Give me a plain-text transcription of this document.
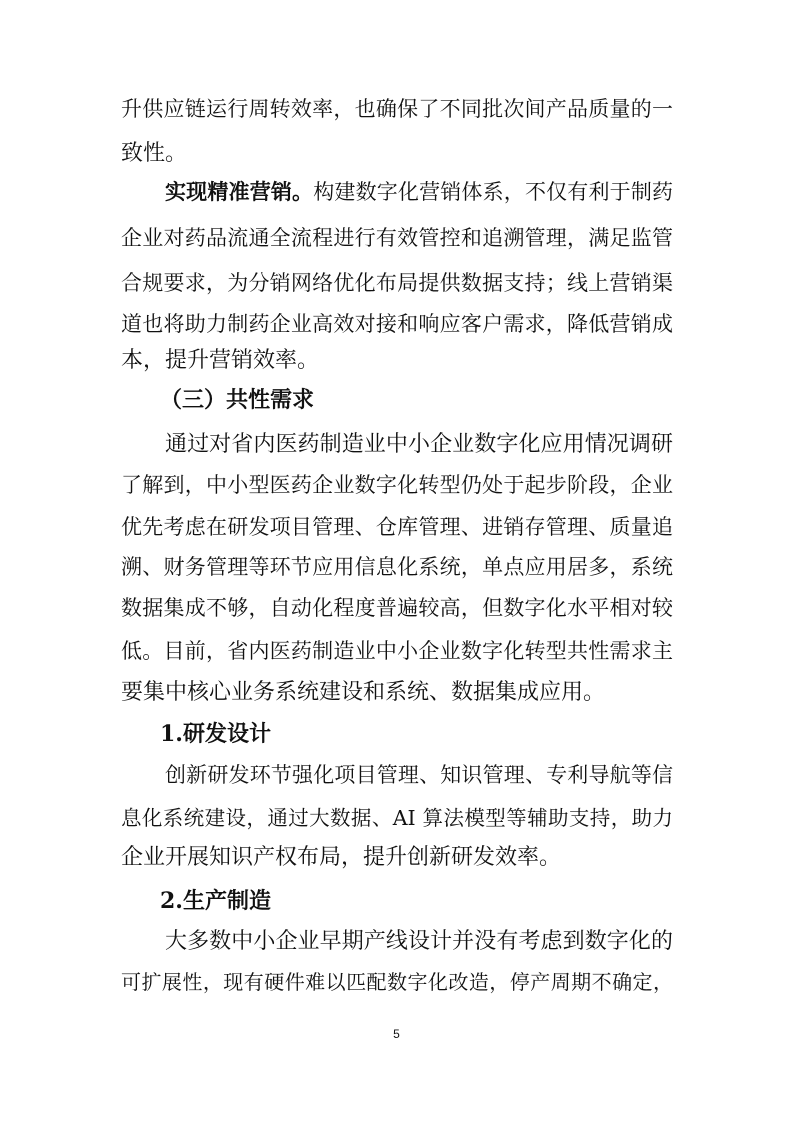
升供应链运行周转效率，也确保了不同批次间产品质量的一
致性。
实现精准营销。构建数字化营销体系，不仅有利于制药
企业对药品流通全流程进行有效管控和追溯管理，满足监管
合规要求，为分销网络优化布局提供数据支持；线上营销渠
道也将助力制药企业高效对接和响应客户需求，降低营销成
本，提升营销效率。
（三）共性需求
通过对省内医药制造业中小企业数字化应用情况调研
了解到，中小型医药企业数字化转型仍处于起步阶段，企业
优先考虑在研发项目管理、仓库管理、进销存管理、质量追
溯、财务管理等环节应用信息化系统，单点应用居多，系统
数据集成不够，自动化程度普遍较高，但数字化水平相对较
低。目前，省内医药制造业中小企业数字化转型共性需求主
要集中核心业务系统建设和系统、数据集成应用。
1.研发设计
创新研发环节强化项目管理、知识管理、专利导航等信
息化系统建设，通过大数据、AI 算法模型等辅助支持，助力
企业开展知识产权布局，提升创新研发效率。
2.生产制造
大多数中小企业早期产线设计并没有考虑到数字化的
可扩展性，现有硬件难以匹配数字化改造，停产周期不确定，
5
